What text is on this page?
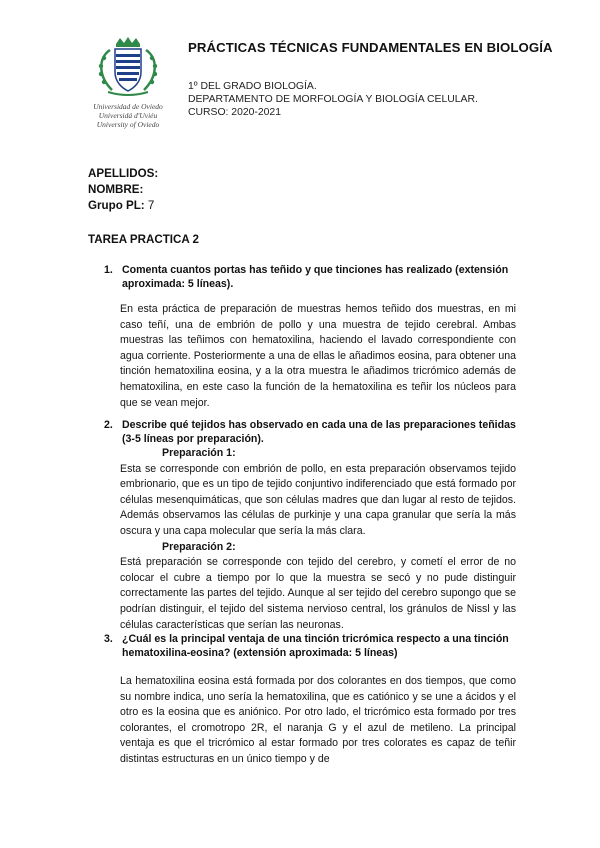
Universidad de Oviedo
Universidá d'Uviéu
University of Oviedo
PRÁCTICAS TÉCNICAS FUNDAMENTALES EN BIOLOGÍA
1º DEL GRADO BIOLOGÍA.
DEPARTAMENTO DE MORFOLOGÍA Y BIOLOGÍA CELULAR.
CURSO: 2020-2021
APELLIDOS:
NOMBRE:
Grupo PL: 7
TAREA PRACTICA 2
1. Comenta cuantos portas has teñido y que tinciones has realizado (extensión aproximada: 5 líneas).

En esta práctica de preparación de muestras hemos teñido dos muestras, en mi caso teñí, una de embrión de pollo y una muestra de tejido cerebral. Ambas muestras las teñimos con hematoxilina, haciendo el lavado correspondiente con agua corriente. Posteriormente a una de ellas le añadimos eosina, para obtener una tinción hematoxilina eosina, y a la otra muestra le añadimos tricrómico además de hematoxilina, en este caso la función de la hematoxilina es teñir los núcleos para que se vean mejor.

2. Describe qué tejidos has observado en cada una de las preparaciones teñidas (3-5 líneas por preparación).

Preparación 1:

Esta se corresponde con embrión de pollo, en esta preparación observamos tejido embrionario, que es un tipo de tejido conjuntivo indiferenciado que está formado por células mesenquimáticas, que son células madres que dan lugar al resto de tejidos. Además observamos las células de purkinje y una capa granular que sería la más oscura y una capa molecular que sería la más clara.

Preparación 2:

Está preparación se corresponde con tejido del cerebro, y cometí el error de no colocar el cubre a tiempo por lo que la muestra se secó y no pude distinguir correctamente las partes del tejido. Aunque al ser tejido del cerebro supongo que se podrían distinguir, el tejido del sistema nervioso central, los gránulos de Nissl y las células características que serían las neuronas.

3. ¿Cuál es la principal ventaja de una tinción tricrómica respecto a una tinción hematoxilina-eosina? (extensión aproximada: 5 líneas)

La hematoxilina eosina está formada por dos colorantes en dos tiempos, que como su nombre indica, uno sería la hematoxilina, que es catiónico y se une a ácidos y el otro es la eosina que es aniónico. Por otro lado, el tricrómico esta formado por tres colorantes, el cromotropo 2R, el naranja G y el azul de metileno. La principal ventaja es que el tricrómico al estar formado por tres colorates es capaz de teñir distintas estructuras en un único tiempo y de
